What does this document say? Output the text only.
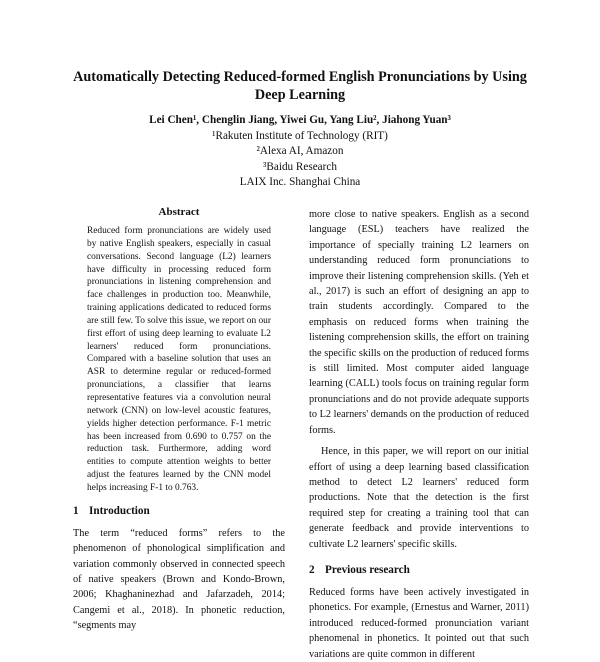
Automatically Detecting Reduced-formed English Pronunciations by Using Deep Learning
Lei Chen¹, Chenglin Jiang, Yiwei Gu, Yang Liu², Jiahong Yuan³
¹Rakuten Institute of Technology (RIT)
²Alexa AI, Amazon
³Baidu Research
LAIX Inc. Shanghai China
Abstract

Reduced form pronunciations are widely used by native English speakers, especially in casual conversations. Second language (L2) learners have difficulty in processing reduced form pronunciations in listening comprehension and face challenges in production too. Meanwhile, training applications dedicated to reduced forms are still few. To solve this issue, we report on our first effort of using deep learning to evaluate L2 learners' reduced form pronunciations. Compared with a baseline solution that uses an ASR to determine regular or reduced-formed pronunciations, a classifier that learns representative features via a convolution neural network (CNN) on low-level acoustic features, yields higher detection performance. F-1 metric has been increased from 0.690 to 0.757 on the reduction task. Furthermore, adding word entities to compute attention weights to better adjust the features learned by the CNN model helps increasing F-1 to 0.763.

1 Introduction

The term “reduced forms” refers to the phenomenon of phonological simplification and variation commonly observed in connected speech of native speakers (Brown and Kondo-Brown, 2006; Khaghaninezhad and Jafarzadeh, 2014; Cangemi et al., 2018). In phonetic reduction, “segments may

more close to native speakers. English as a second language (ESL) teachers have realized the importance of specially training L2 learners on understanding reduced form pronunciations to improve their listening comprehension skills. (Yeh et al., 2017) is such an effort of designing an app to train students accordingly. Compared to the emphasis on reduced forms when training the listening comprehension skills, the effort on training the specific skills on the production of reduced forms is still limited. Most computer aided language learning (CALL) tools focus on training regular form pronunciations and do not provide adequate supports to L2 learners' demands on the production of reduced forms.

Hence, in this paper, we will report on our initial effort of using a deep learning based classification method to detect L2 learners' reduced form productions. Note that the detection is the first required step for creating a training tool that can generate feedback and provide interventions to cultivate L2 learners' specific skills.

2 Previous research

Reduced forms have been actively investigated in phonetics. For example, (Ernestus and Warner, 2011) introduced reduced-formed pronunciation variant phenomenal in phonetics. It pointed out that such variations are quite common in different
